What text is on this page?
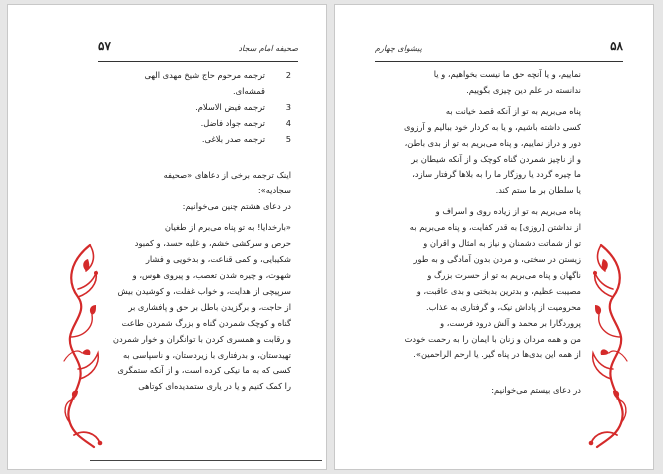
۵۷	صحیفه امام سجاد

2ترجمه مرحوم حاج شیخ مهدی الهی

قمشه‌ای.

3ترجمه فیض الاسلام.

4ترجمه جواد فاضل.

5ترجمه صدر بلاغی.

اینک ترجمه برخی از دعاهای «صحیفه

سجادیه»:

در دعای هشتم چنین می‌خوانیم:

«بارخدایا! به تو پناه می‌برم از طغیان

حرص و سرکشی خشم، و غلبه حسد، و کمبود

شکیبایی، و کمی قناعت، و بدخویی و فشار

شهوت، و چیره شدن تعصب، و پیروی هوس، و

سرپیچی از هدایت، و خواب غفلت، و کوشیدن بیش

از حاجت، و برگزیدن باطل بر حق و پافشاری بر

گناه و کوچک شمردن گناه و بزرگ شمردن طاعت

و رقابت و همسری کردن با توانگران و خوار شمردن

تهیدستان، و بدرفتاری با زیردستان، و ناسپاسی به

کسی که به ما نیکی کرده است، و از آنکه ستمگری

را کمک کنیم و یا در یاری ستمدیده‌ای کوتاهی

پیشوای چهارم	۵۸

نماییم، و یا آنچه حق ما نیست بخواهیم، و یا

ندانسته در علم دین چیزی بگوییم.

پناه می‌بریم به تو از آنکه قصد خیانت به

کسی داشته باشیم، و یا به کردار خود ببالیم و آرزوی

دور و دراز نماییم، و پناه می‌بریم به تو از بدی باطن،

و از ناچیز شمردن گناه کوچک و از آنکه شیطان بر

ما چیره گردد یا روزگار ما را به بلاها گرفتار سازد،

یا سلطان بر ما ستم کند.

پناه می‌بریم به تو از زیاده روی و اسراف و

از نداشتن [روزی] به قدر کفایت، و پناه می‌بریم به

تو از شماتت دشمنان و نیاز به امثال و اقران و

زیستن در سختی، و مردن بدون آمادگی و به طور

ناگهان و پناه می‌بریم به تو از حسرت بزرگ و

مصیبت عظیم، و بدترین بدبختی و بدی عاقبت، و

محرومیت از پاداش نیک، و گرفتاری به عذاب.

پروردگارا بر محمد و آلش درود فرست، و

من و همه مردان و زنان با ایمان را به رحمت خودت

از همه این بدی‌ها در پناه گیر. یا ارحم الراحمین».

در دعای بیستم می‌خوانیم:
